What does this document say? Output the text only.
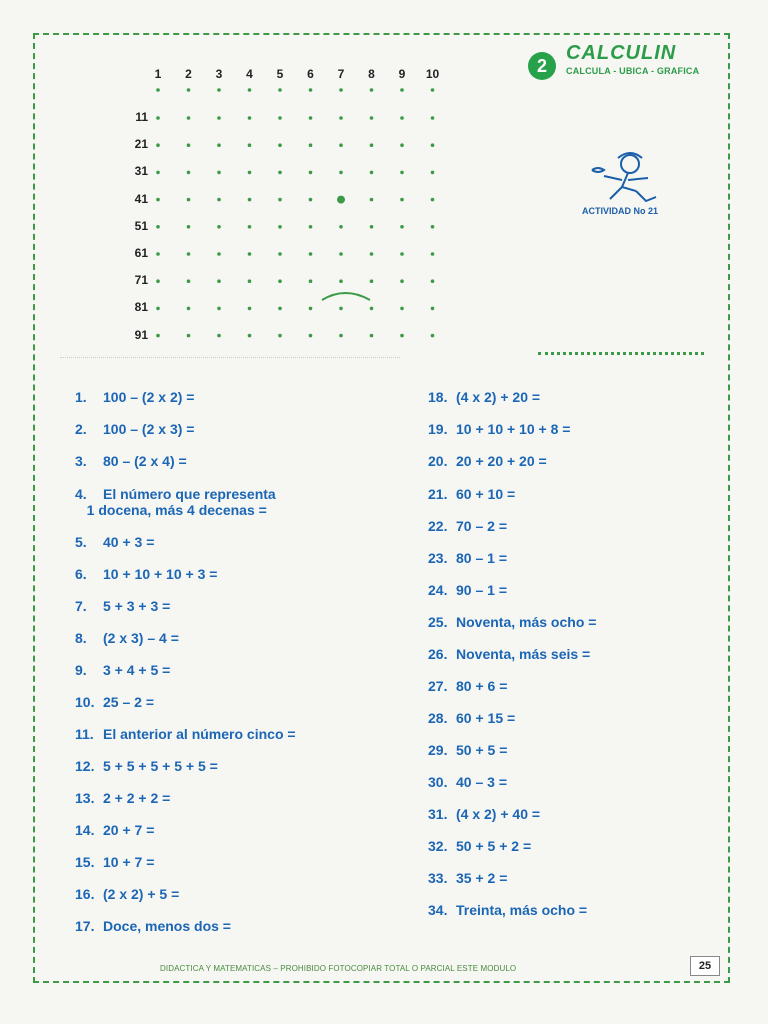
2
CALCULIN
CALCULA - UBICA - GRAFICA
ACTIVIDAD No 21
1	2	3	4	5	6	7	8	9	10
11
21
31
41
51
61
71
81
91
1. 100 – (2 x 2) =
2. 100 – (2 x 3) =
3. 80 – (2 x 4) =
4. El número que representa
1 docena, más 4 decenas =
5. 40 + 3 =
6. 10 + 10 + 10 + 3 =
7. 5 + 3 + 3 =
8. (2 x 3) – 4 =
9. 3 + 4 + 5 =
10. 25 – 2 =
11. El anterior al número cinco =
12. 5 + 5 + 5 + 5 + 5 =
13. 2 + 2 + 2 =
14. 20 + 7 =
15. 10 + 7 =
16. (2 x 2) + 5 =
17. Doce, menos dos =
18. (4 x 2) + 20 =
19. 10 + 10 + 10 + 8 =
20. 20 + 20 + 20 =
21. 60 + 10 =
22. 70 – 2 =
23. 80 – 1 =
24. 90 – 1 =
25. Noventa, más ocho =
26. Noventa, más seis =
27. 80 + 6 =
28. 60 + 15 =
29. 50 + 5 =
30. 40 – 3 =
31. (4 x 2) + 40 =
32. 50 + 5 + 2 =
33. 35 + 2 =
34. Treinta, más ocho =
DIDACTICA Y MATEMATICAS – PROHIBIDO FOTOCOPIAR TOTAL O PARCIAL ESTE MODULO	25
